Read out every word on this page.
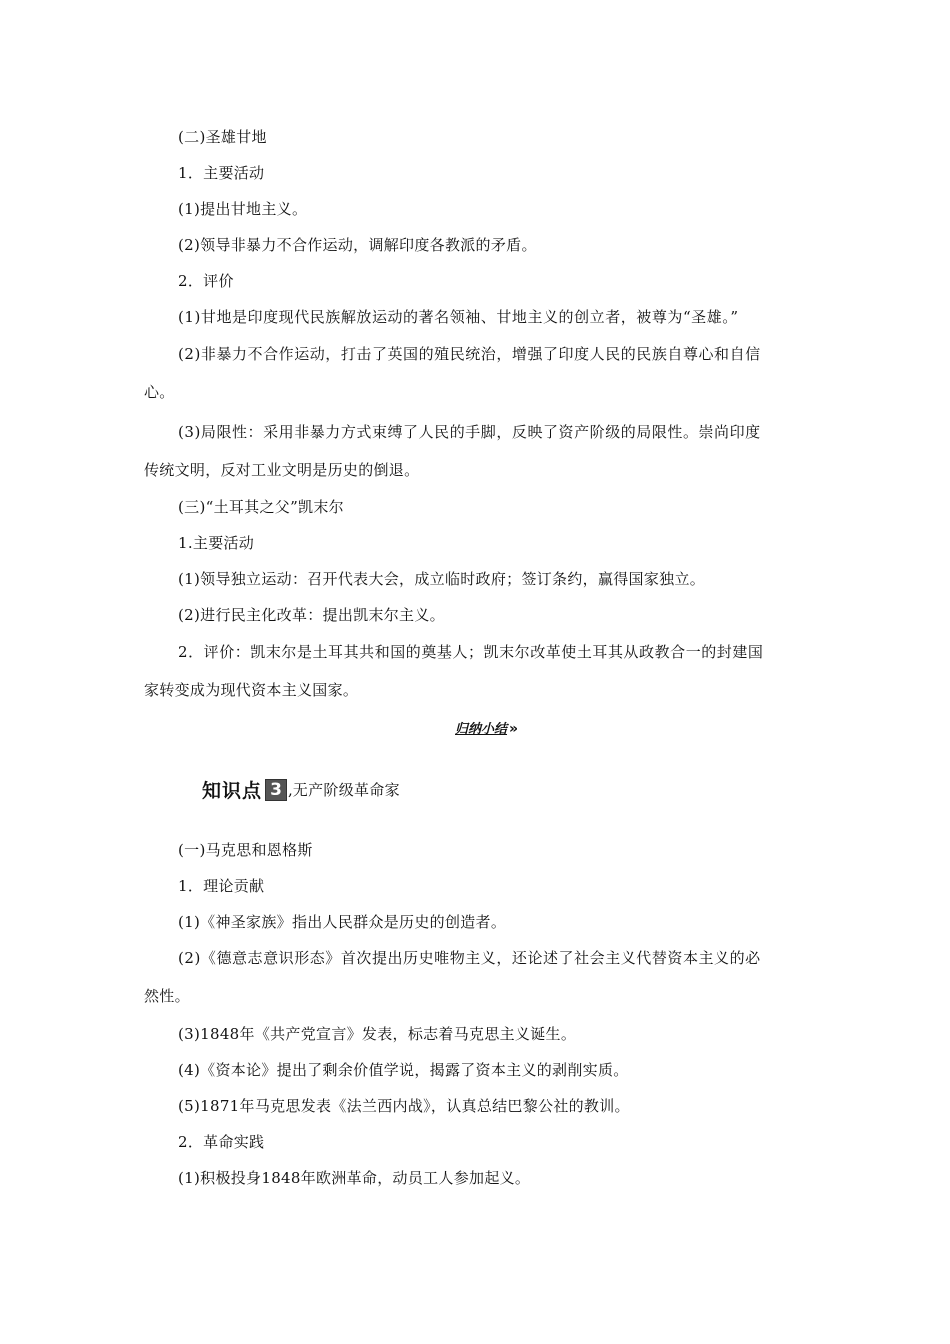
(二)圣雄甘地
1．主要活动
(1)提出甘地主义。
(2)领导非暴力不合作运动，调解印度各教派的矛盾。
2．评价
(1)甘地是印度现代民族解放运动的著名领袖、甘地主义的创立者，被尊为“圣雄。”
(2)非暴力不合作运动，打击了英国的殖民统治，增强了印度人民的民族自尊心和自信
心。
(3)局限性：采用非暴力方式束缚了人民的手脚，反映了资产阶级的局限性。崇尚印度
传统文明，反对工业文明是历史的倒退。
(三)“土耳其之父”凯末尔
1.主要活动
(1)领导独立运动：召开代表大会，成立临时政府；签订条约，赢得国家独立。
(2)进行民主化改革：提出凯末尔主义。
2．评价：凯末尔是土耳其共和国的奠基人；凯末尔改革使土耳其从政教合一的封建国
家转变成为现代资本主义国家。
归纳小结 »
知识点 3 ,无产阶级革命家
(一)马克思和恩格斯
1．理论贡献
(1)《神圣家族》指出人民群众是历史的创造者。
(2)《德意志意识形态》首次提出历史唯物主义，还论述了社会主义代替资本主义的必
然性。
(3)1848年《共产党宣言》发表，标志着马克思主义诞生。
(4)《资本论》提出了剩余价值学说，揭露了资本主义的剥削实质。
(5)1871年马克思发表《法兰西内战》，认真总结巴黎公社的教训。
2．革命实践
(1)积极投身1848年欧洲革命，动员工人参加起义。
